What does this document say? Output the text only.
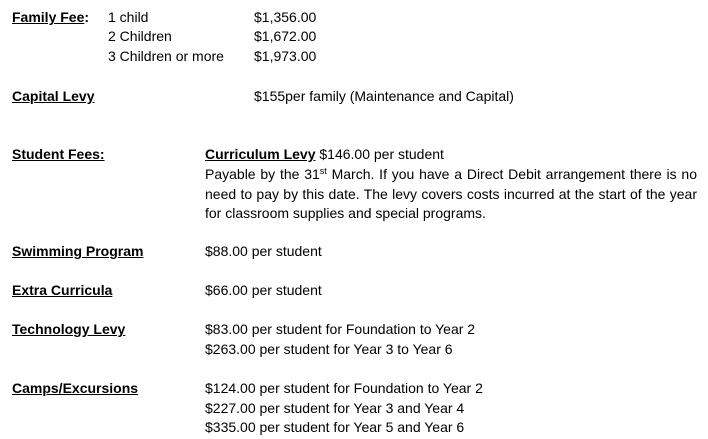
Family Fee: 1 child	$1,356.00
2 Children	$1,672.00
3 Children or more $1,973.00
Capital Levy	$155per family (Maintenance and Capital)
Student Fees:	Curriculum Levy $146.00 per student
Payable by the 31st March. If you have a Direct Debit arrangement there is no need to pay by this date. The levy covers costs incurred at the start of the year for classroom supplies and special programs.
Swimming Program	$88.00 per student
Extra Curricula	$66.00 per student
Technology Levy	$83.00 per student for Foundation to Year 2
$263.00 per student for Year 3 to Year 6
Camps/Excursions	$124.00 per student for Foundation to Year 2
$227.00 per student for Year 3 and Year 4
$335.00 per student for Year 5 and Year 6
